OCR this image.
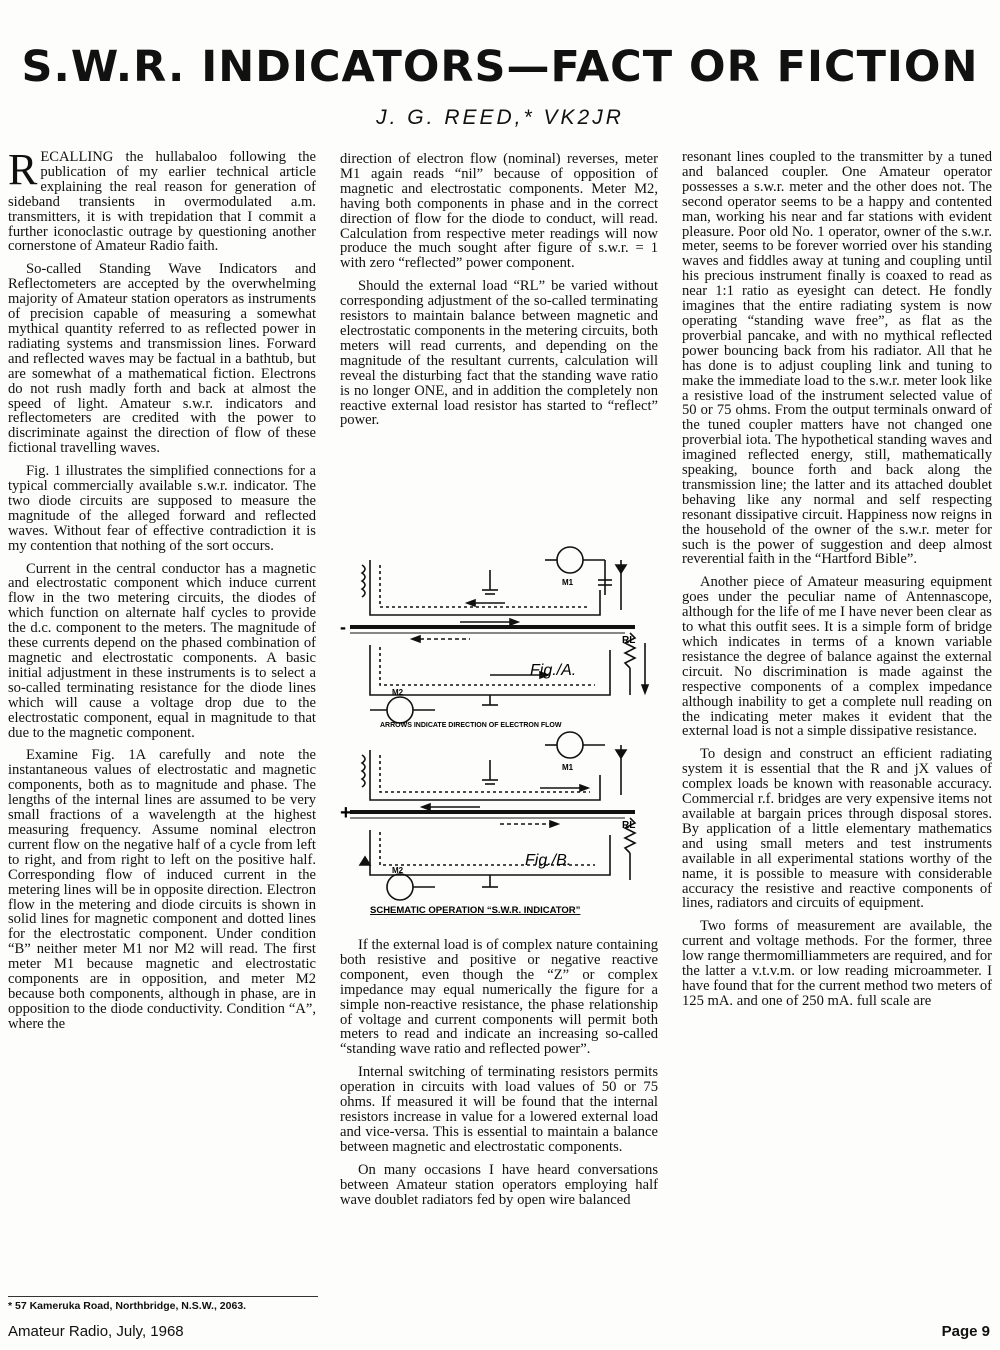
S.W.R. INDICATORS—FACT OR FICTION
J. G. REED,* VK2JR

RECALLING the hullabaloo following the publication of my earlier technical article explaining the real reason for generation of sideband transients in overmodulated a.m. transmitters, it is with trepidation that I commit a further iconoclastic outrage by questioning another cornerstone of Amateur Radio faith.

So-called Standing Wave Indicators and Reflectometers are accepted by the overwhelming majority of Amateur station operators as instruments of precision capable of measuring a somewhat mythical quantity referred to as reflected power in radiating systems and transmission lines. Forward and reflected waves may be factual in a bathtub, but are somewhat of a mathematical fiction. Electrons do not rush madly forth and back at almost the speed of light. Amateur s.w.r. indicators and reflectometers are credited with the power to discriminate against the direction of flow of these fictional travelling waves.

Fig. 1 illustrates the simplified connections for a typical commercially available s.w.r. indicator. The two diode circuits are supposed to measure the magnitude of the alleged forward and reflected waves. Without fear of effective contradiction it is my contention that nothing of the sort occurs.

Current in the central conductor has a magnetic and electrostatic component which induce current flow in the two metering circuits, the diodes of which function on alternate half cycles to provide the d.c. component to the meters. The magnitude of these currents depend on the phased combination of magnetic and electrostatic components. A basic initial adjustment in these instruments is to select a so-called terminating resistance for the diode lines which will cause a voltage drop due to the electrostatic component, equal in magnitude to that due to the magnetic component.

Examine Fig. 1A carefully and note the instantaneous values of electrostatic and magnetic components, both as to magnitude and phase. The lengths of the internal lines are assumed to be very small fractions of a wavelength at the highest measuring frequency. Assume nominal electron current flow on the negative half of a cycle from left to right, and from right to left on the positive half. Corresponding flow of induced current in the metering lines will be in opposite direction. Electron flow in the metering and diode circuits is shown in solid lines for magnetic component and dotted lines for the electrostatic component. Under condition “B” neither meter M1 nor M2 will read. The first meter M1 because magnetic and electrostatic components are in opposition, and meter M2 because both components, although in phase, are in opposition to the diode conductivity. Condition “A”, where the

* 57 Kameruka Road, Northbridge, N.S.W., 2063.

direction of electron flow (nominal) reverses, meter M1 again reads “nil” because of opposition of magnetic and electrostatic components. Meter M2, having both components in phase and in the correct direction of flow for the diode to conduct, will read. Calculation from respective meter readings will now produce the much sought after figure of s.w.r. = 1 with zero “reflected” power component.

Should the external load “RL” be varied without corresponding adjustment of the so-called terminating resistors to maintain balance between magnetic and electrostatic components in the metering circuits, both meters will read currents, and depending on the magnitude of the resultant currents, calculation will reveal the disturbing fact that the standing wave ratio is no longer ONE, and in addition the completely non reactive external load resistor has started to “reflect” power.

M1
M2
RL
-
Fig./A.
ARROWS INDICATE DIRECTION OF ELECTRON FLOW
M1
M2
RL
+
Fig./B.
SCHEMATIC OPERATION “S.W.R. INDICATOR”

If the external load is of complex nature containing both resistive and positive or negative reactive component, even though the “Z” or complex impedance may equal numerically the figure for a simple non-reactive resistance, the phase relationship of voltage and current components will permit both meters to read and indicate an increasing so-called “standing wave ratio and reflected power”.

Internal switching of terminating resistors permits operation in circuits with load values of 50 or 75 ohms. If measured it will be found that the internal resistors increase in value for a lowered external load and vice-versa. This is essential to maintain a balance between magnetic and electrostatic components.

On many occasions I have heard conversations between Amateur station operators employing half wave doublet radiators fed by open wire balanced

resonant lines coupled to the transmitter by a tuned and balanced coupler. One Amateur operator possesses a s.w.r. meter and the other does not. The second operator seems to be a happy and contented man, working his near and far stations with evident pleasure. Poor old No. 1 operator, owner of the s.w.r. meter, seems to be forever worried over his standing waves and fiddles away at tuning and coupling until his precious instrument finally is coaxed to read as near 1:1 ratio as eyesight can detect. He fondly imagines that the entire radiating system is now operating “standing wave free”, as flat as the proverbial pancake, and with no mythical reflected power bouncing back from his radiator. All that he has done is to adjust coupling link and tuning to make the immediate load to the s.w.r. meter look like a resistive load of the instrument selected value of 50 or 75 ohms. From the output terminals onward of the tuned coupler matters have not changed one proverbial iota. The hypothetical standing waves and imagined reflected energy, still, mathematically speaking, bounce forth and back along the transmission line; the latter and its attached doublet behaving like any normal and self respecting resonant dissipative circuit. Happiness now reigns in the household of the owner of the s.w.r. meter for such is the power of suggestion and deep almost reverential faith in the “Hartford Bible”.

Another piece of Amateur measuring equipment goes under the peculiar name of Antennascope, although for the life of me I have never been clear as to what this outfit sees. It is a simple form of bridge which indicates in terms of a known variable resistance the degree of balance against the external circuit. No discrimination is made against the respective components of a complex impedance although inability to get a complete null reading on the indicating meter makes it evident that the external load is not a simple dissipative resistance.

To design and construct an efficient radiating system it is essential that the R and jX values of complex loads be known with reasonable accuracy. Commercial r.f. bridges are very expensive items not available at bargain prices through disposal stores. By application of a little elementary mathematics and using small meters and test instruments available in all experimental stations worthy of the name, it is possible to measure with considerable accuracy the resistive and reactive components of lines, radiators and circuits of equipment.

Two forms of measurement are available, the current and voltage methods. For the former, three low range thermomilliammeters are required, and for the latter a v.t.v.m. or low reading microammeter. I have found that for the current method two meters of 125 mA. and one of 250 mA. full scale are

Amateur Radio, July, 1968	Page 9
